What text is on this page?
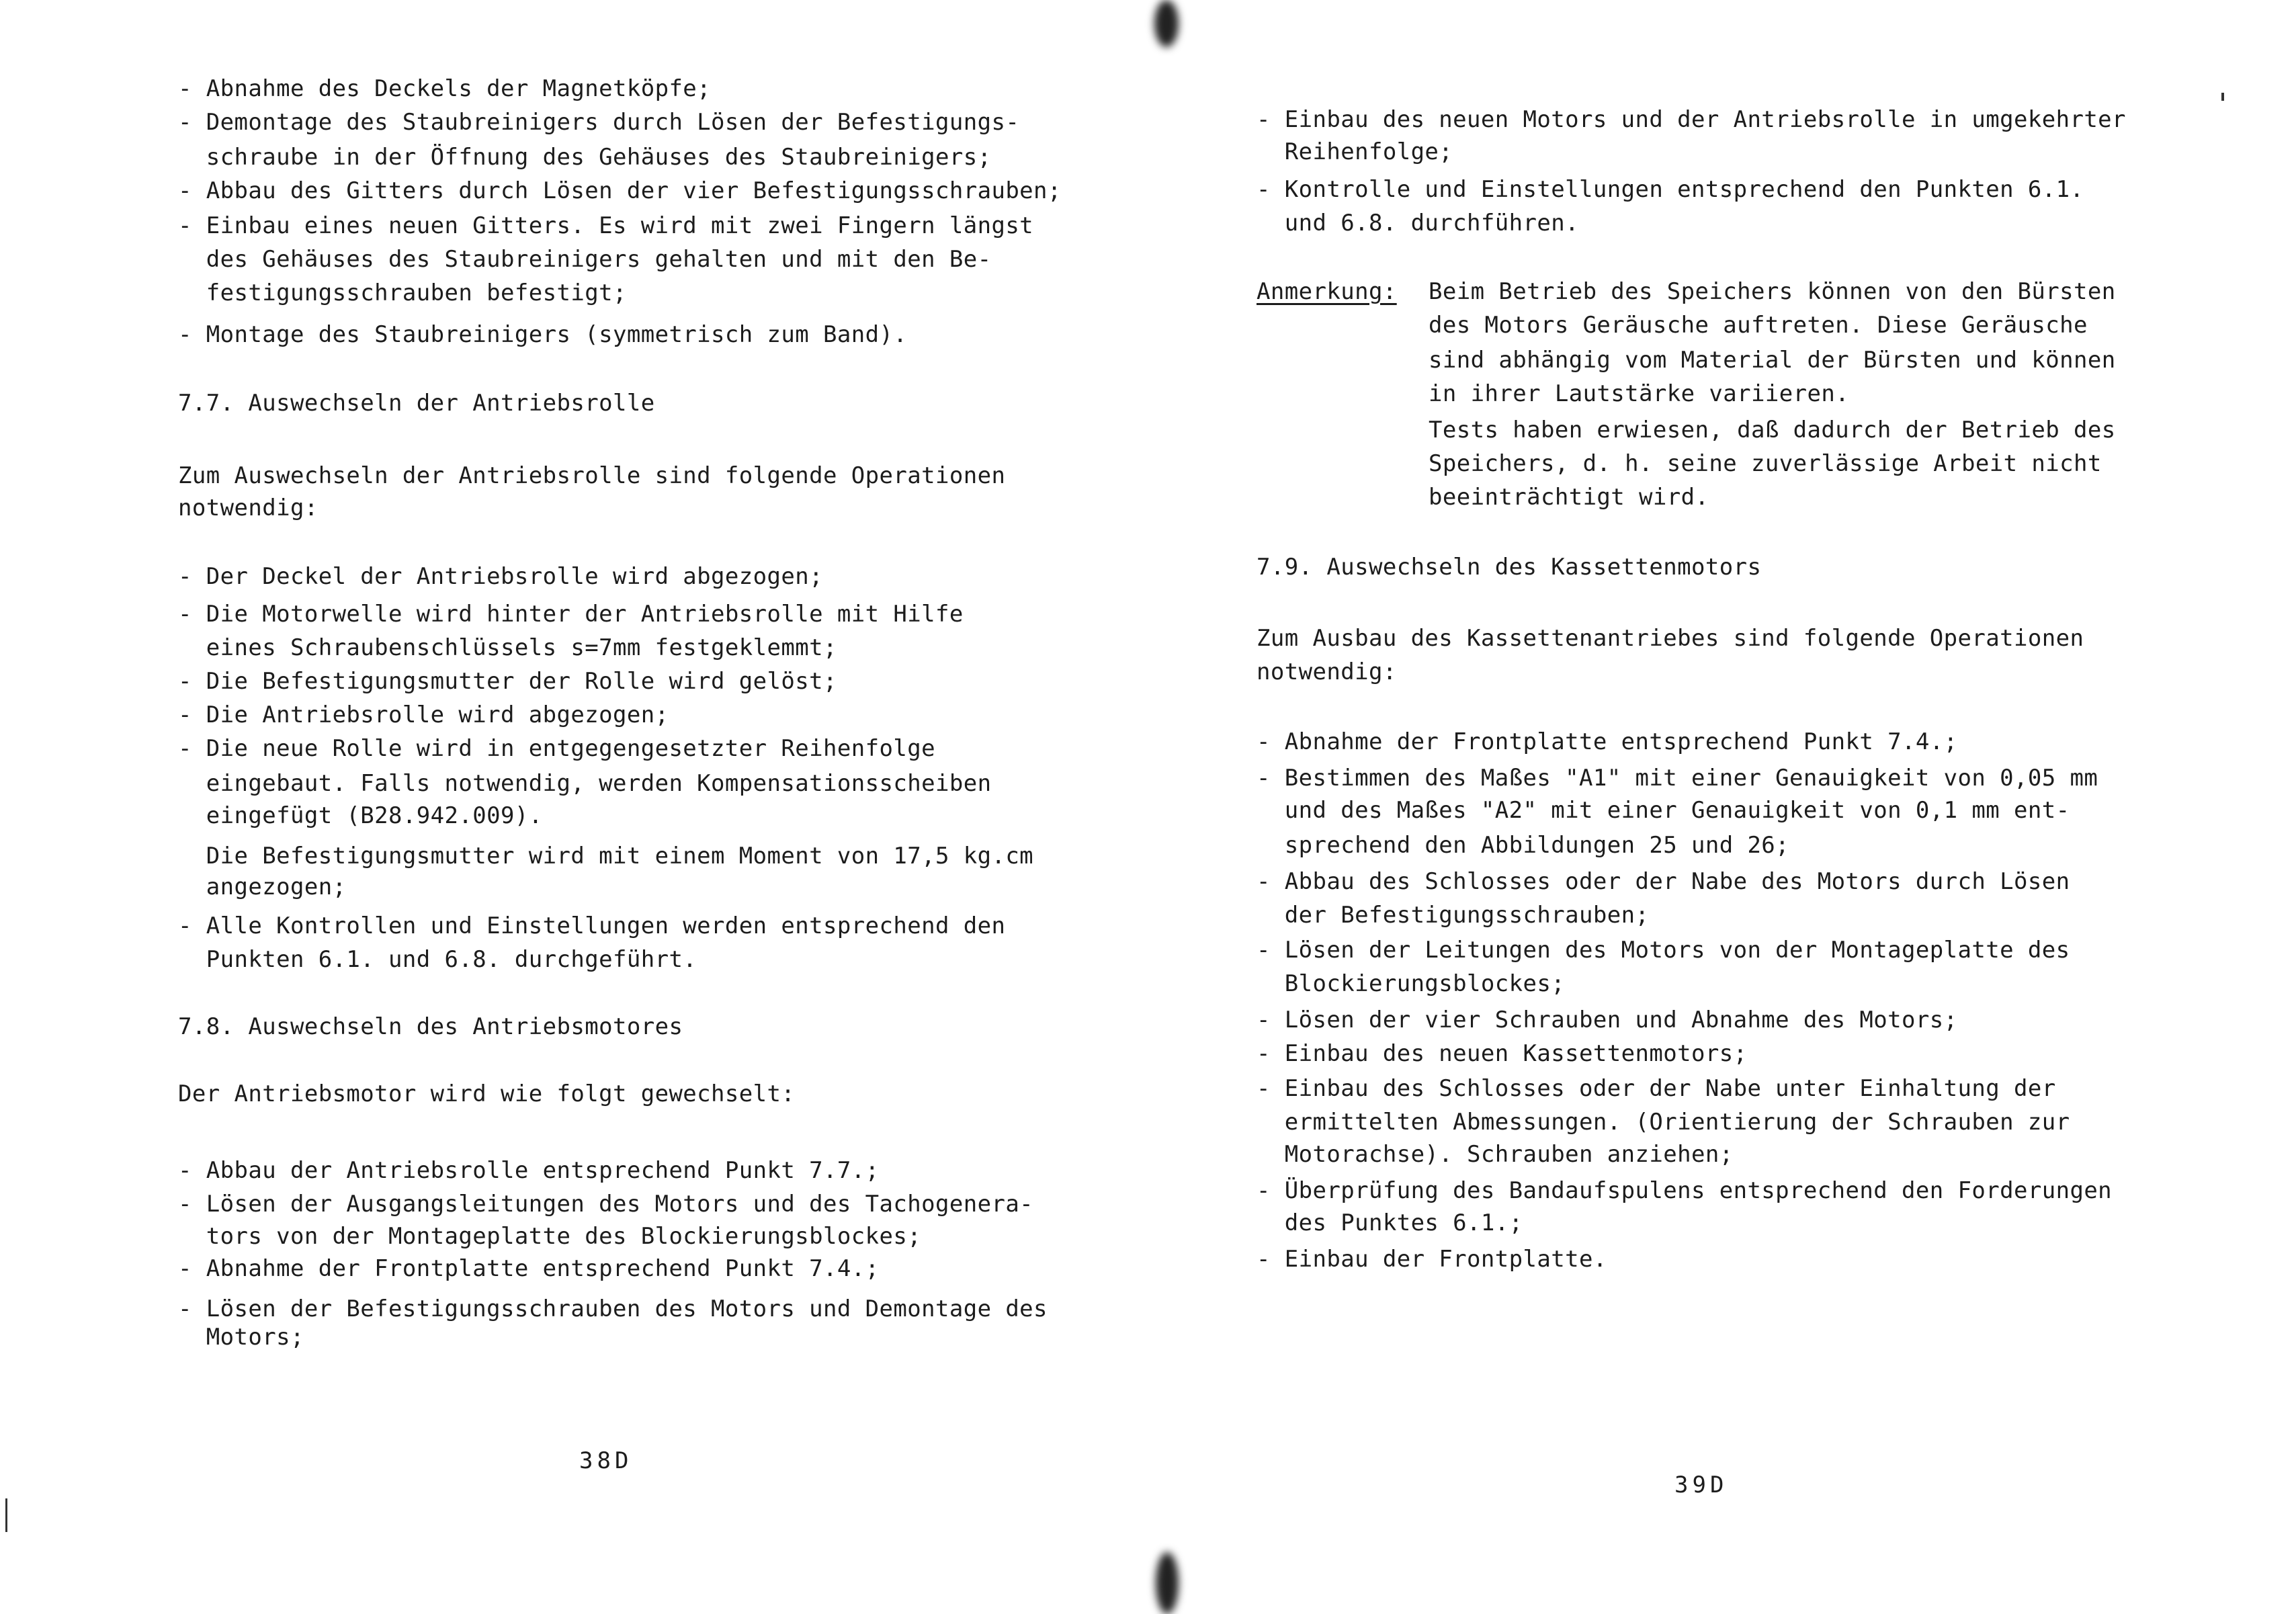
- Abnahme des Deckels der Magnetköpfe;
- Demontage des Staubreinigers durch Lösen der Befestigungs-
schraube in der Öffnung des Gehäuses des Staubreinigers;
- Abbau des Gitters durch Lösen der vier Befestigungsschrauben;
- Einbau eines neuen Gitters. Es wird mit zwei Fingern längst
des Gehäuses des Staubreinigers gehalten und mit den Be-
festigungsschrauben befestigt;
- Montage des Staubreinigers (symmetrisch zum Band).
7.7. Auswechseln der Antriebsrolle
Zum Auswechseln der Antriebsrolle sind folgende Operationen
notwendig:
- Der Deckel der Antriebsrolle wird abgezogen;
- Die Motorwelle wird hinter der Antriebsrolle mit Hilfe
eines Schraubenschlüssels s=7mm festgeklemmt;
- Die Befestigungsmutter der Rolle wird gelöst;
- Die Antriebsrolle wird abgezogen;
- Die neue Rolle wird in entgegengesetzter Reihenfolge
eingebaut. Falls notwendig, werden Kompensationsscheiben
eingefügt (B28.942.009).
Die Befestigungsmutter wird mit einem Moment von 17,5 kg.cm
angezogen;
- Alle Kontrollen und Einstellungen werden entsprechend den
Punkten 6.1. und 6.8. durchgeführt.
7.8. Auswechseln des Antriebsmotores
Der Antriebsmotor wird wie folgt gewechselt:
- Abbau der Antriebsrolle entsprechend Punkt 7.7.;
- Lösen der Ausgangsleitungen des Motors und des Tachogenera-
tors von der Montageplatte des Blockierungsblockes;
- Abnahme der Frontplatte entsprechend Punkt 7.4.;
- Lösen der Befestigungsschrauben des Motors und Demontage des
Motors;
38D
- Einbau des neuen Motors und der Antriebsrolle in umgekehrter
Reihenfolge;
- Kontrolle und Einstellungen entsprechend den Punkten 6.1.
und 6.8. durchführen.
Anmerkung: Beim Betrieb des Speichers können von den Bürsten
des Motors Geräusche auftreten. Diese Geräusche
sind abhängig vom Material der Bürsten und können
in ihrer Lautstärke variieren.
Tests haben erwiesen, daß dadurch der Betrieb des
Speichers, d. h. seine zuverlässige Arbeit nicht
beeinträchtigt wird.
7.9. Auswechseln des Kassettenmotors
Zum Ausbau des Kassettenantriebes sind folgende Operationen
notwendig:
- Abnahme der Frontplatte entsprechend Punkt 7.4.;
- Bestimmen des Maßes "A1" mit einer Genauigkeit von 0,05 mm
und des Maßes "A2" mit einer Genauigkeit von 0,1 mm ent-
sprechend den Abbildungen 25 und 26;
- Abbau des Schlosses oder der Nabe des Motors durch Lösen
der Befestigungsschrauben;
- Lösen der Leitungen des Motors von der Montageplatte des
Blockierungsblockes;
- Lösen der vier Schrauben und Abnahme des Motors;
- Einbau des neuen Kassettenmotors;
- Einbau des Schlosses oder der Nabe unter Einhaltung der
ermittelten Abmessungen. (Orientierung der Schrauben zur
Motorachse). Schrauben anziehen;
- Überprüfung des Bandaufspulens entsprechend den Forderungen
des Punktes 6.1.;
- Einbau der Frontplatte.
39D
